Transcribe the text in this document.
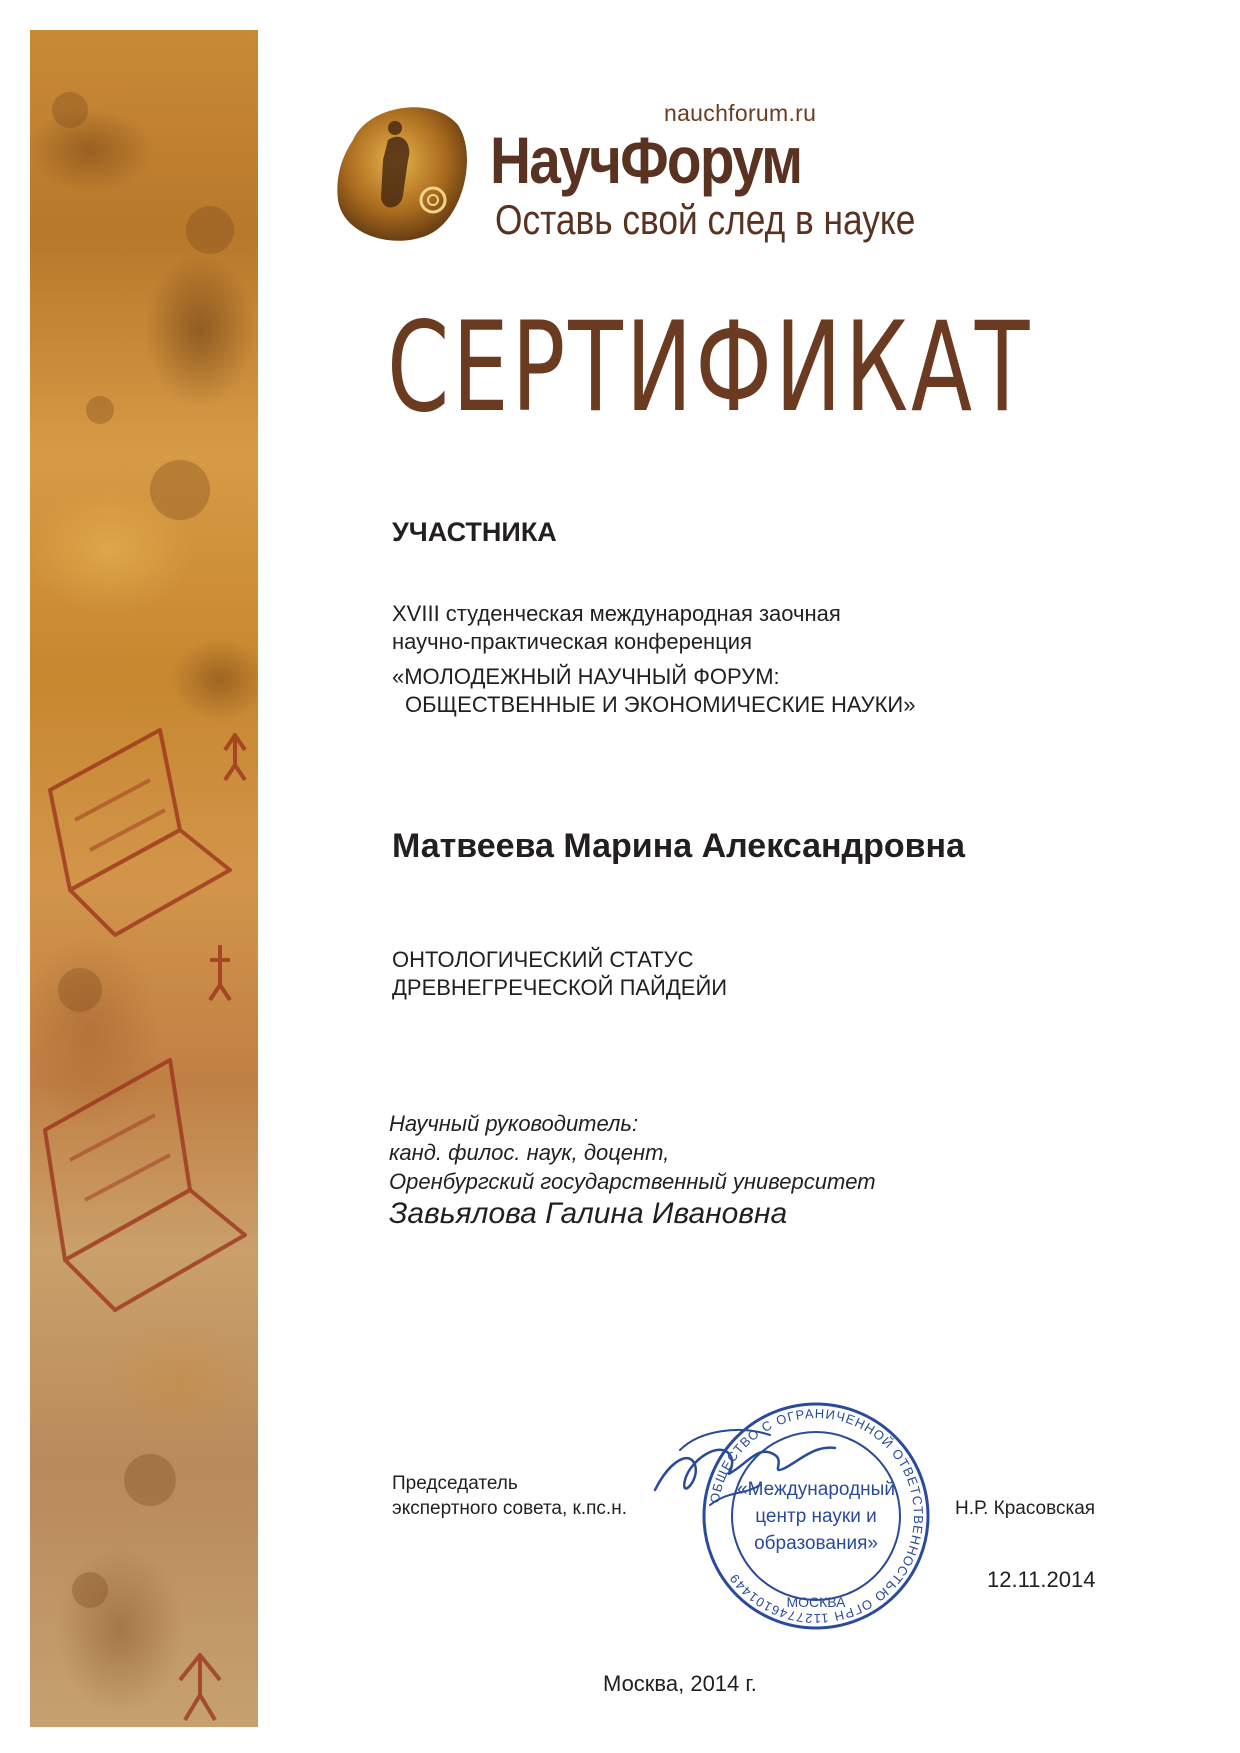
nauchforum.ru
НаучФорум
Оставь свой след в науке
СЕРТИФИКАТ
УЧАСТНИКА
XVIII студенческая международная заочная
научно-практическая конференция
«МОЛОДЕЖНЫЙ НАУЧНЫЙ ФОРУМ:
ОБЩЕСТВЕННЫЕ И ЭКОНОМИЧЕСКИЕ НАУКИ»
Матвеева Марина Александровна
ОНТОЛОГИЧЕСКИЙ СТАТУС
ДРЕВНЕГРЕЧЕСКОЙ ПАЙДЕЙИ
Научный руководитель:
канд. филос. наук, доцент,
Оренбургский государственный университет
Завьялова Галина Ивановна
Председатель
экспертного совета, к.пс.н.	Н.Р. Красовская
ОБЩЕСТВО С ОГРАНИЧЕННОЙ ОТВЕТСТВЕННОСТЬЮ ОГРН 1127746101449
МОСКВА
«Международный
центр науки и
образования»
12.11.2014
Москва, 2014 г.
